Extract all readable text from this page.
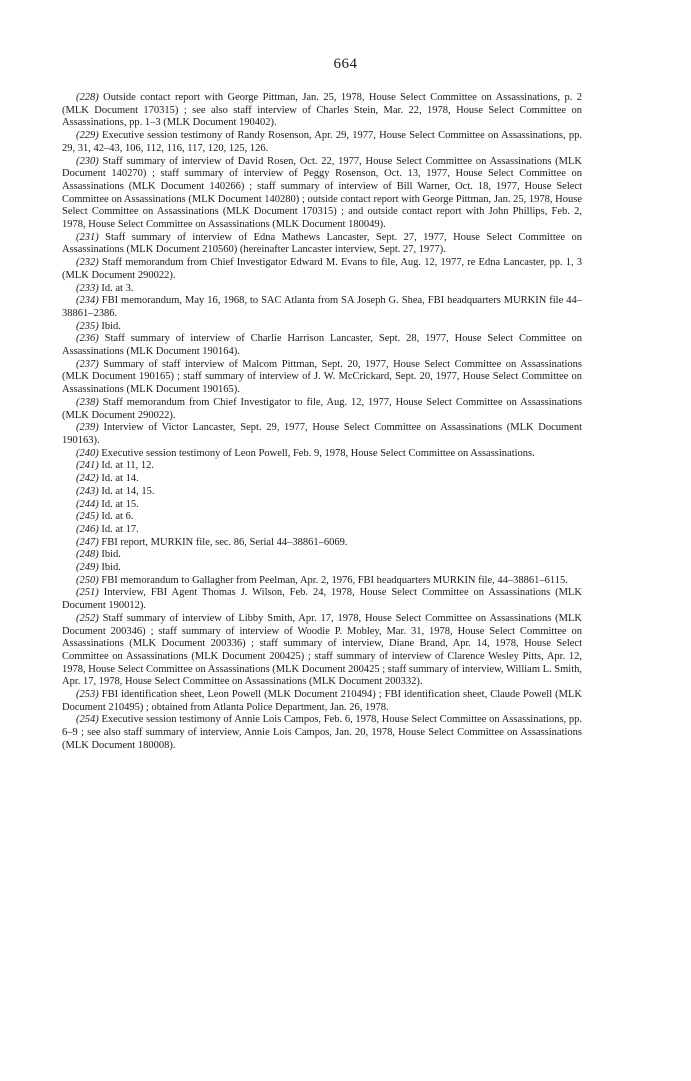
664

(228) Outside contact report with George Pittman, Jan. 25, 1978, House Select Committee on Assassinations, p. 2 (MLK Document 170315) ; see also staff interview of Charles Stein, Mar. 22, 1978, House Select Committee on Assassinations, pp. 1–3 (MLK Document 190402).

(229) Executive session testimony of Randy Rosenson, Apr. 29, 1977, House Select Committee on Assassinations, pp. 29, 31, 42–43, 106, 112, 116, 117, 120, 125, 126.

(230) Staff summary of interview of David Rosen, Oct. 22, 1977, House Select Committee on Assassinations (MLK Document 140270) ; staff summary of interview of Peggy Rosenson, Oct. 13, 1977, House Select Committee on Assassinations (MLK Document 140266) ; staff summary of interview of Bill Warner, Oct. 18, 1977, House Select Committee on Assassinations (MLK Document 140280) ; outside contact report with George Pittman, Jan. 25, 1978, House Select Committee on Assassinations (MLK Document 170315) ; and outside contact report with John Phillips, Feb. 2, 1978, House Select Committee on Assassinations (MLK Document 180049).

(231) Staff summary of interview of Edna Mathews Lancaster, Sept. 27, 1977, House Select Committee on Assassinations (MLK Document 210560) (hereinafter Lancaster interview, Sept. 27, 1977).

(232) Staff memorandum from Chief Investigator Edward M. Evans to file, Aug. 12, 1977, re Edna Lancaster, pp. 1, 3 (MLK Document 290022).

(233) Id. at 3.

(234) FBI memorandum, May 16, 1968, to SAC Atlanta from SA Joseph G. Shea, FBI headquarters MURKIN file 44–38861–2386.

(235) Ibid.

(236) Staff summary of interview of Charlie Harrison Lancaster, Sept. 28, 1977, House Select Committee on Assassinations (MLK Document 190164).

(237) Summary of staff interview of Malcom Pittman, Sept. 20, 1977, House Select Committee on Assassinations (MLK Document 190165) ; staff summary of interview of J. W. McCrickard, Sept. 20, 1977, House Select Committee on Assassinations (MLK Document 190165).

(238) Staff memorandum from Chief Investigator to file, Aug. 12, 1977, House Select Committee on Assassinations (MLK Document 290022).

(239) Interview of Victor Lancaster, Sept. 29, 1977, House Select Committee on Assassinations (MLK Document 190163).

(240) Executive session testimony of Leon Powell, Feb. 9, 1978, House Select Committee on Assassinations.

(241) Id. at 11, 12.

(242) Id. at 14.

(243) Id. at 14, 15.

(244) Id. at 15.

(245) Id. at 6.

(246) Id. at 17.

(247) FBI report, MURKIN file, sec. 86, Serial 44–38861–6069.

(248) Ibid.

(249) Ibid.

(250) FBI memorandum to Gallagher from Peelman, Apr. 2, 1976, FBI headquarters MURKIN file, 44–38861–6115.

(251) Interview, FBI Agent Thomas J. Wilson, Feb. 24, 1978, House Select Committee on Assassinations (MLK Document 190012).

(252) Staff summary of interview of Libby Smith, Apr. 17, 1978, House Select Committee on Assassinations (MLK Document 200346) ; staff summary of interview of Woodie P. Mobley, Mar. 31, 1978, House Select Committee on Assassinations (MLK Document 200336) ; staff summary of interview, Diane Brand, Apr. 14, 1978, House Select Committee on Assassinations (MLK Document 200425) ; staff summary of interview of Clarence Wesley Pitts, Apr. 12, 1978, House Select Committee on Assassinations (MLK Document 200425 ; staff summary of interview, William L. Smith, Apr. 17, 1978, House Select Committee on Assassinations (MLK Document 200332).

(253) FBI identification sheet, Leon Powell (MLK Document 210494) ; FBI identification sheet, Claude Powell (MLK Document 210495) ; obtained from Atlanta Police Department, Jan. 26, 1978.

(254) Executive session testimony of Annie Lois Campos, Feb. 6, 1978, House Select Committee on Assassinations, pp. 6–9 ; see also staff summary of interview, Annie Lois Campos, Jan. 20, 1978, House Select Committee on Assassinations (MLK Document 180008).
